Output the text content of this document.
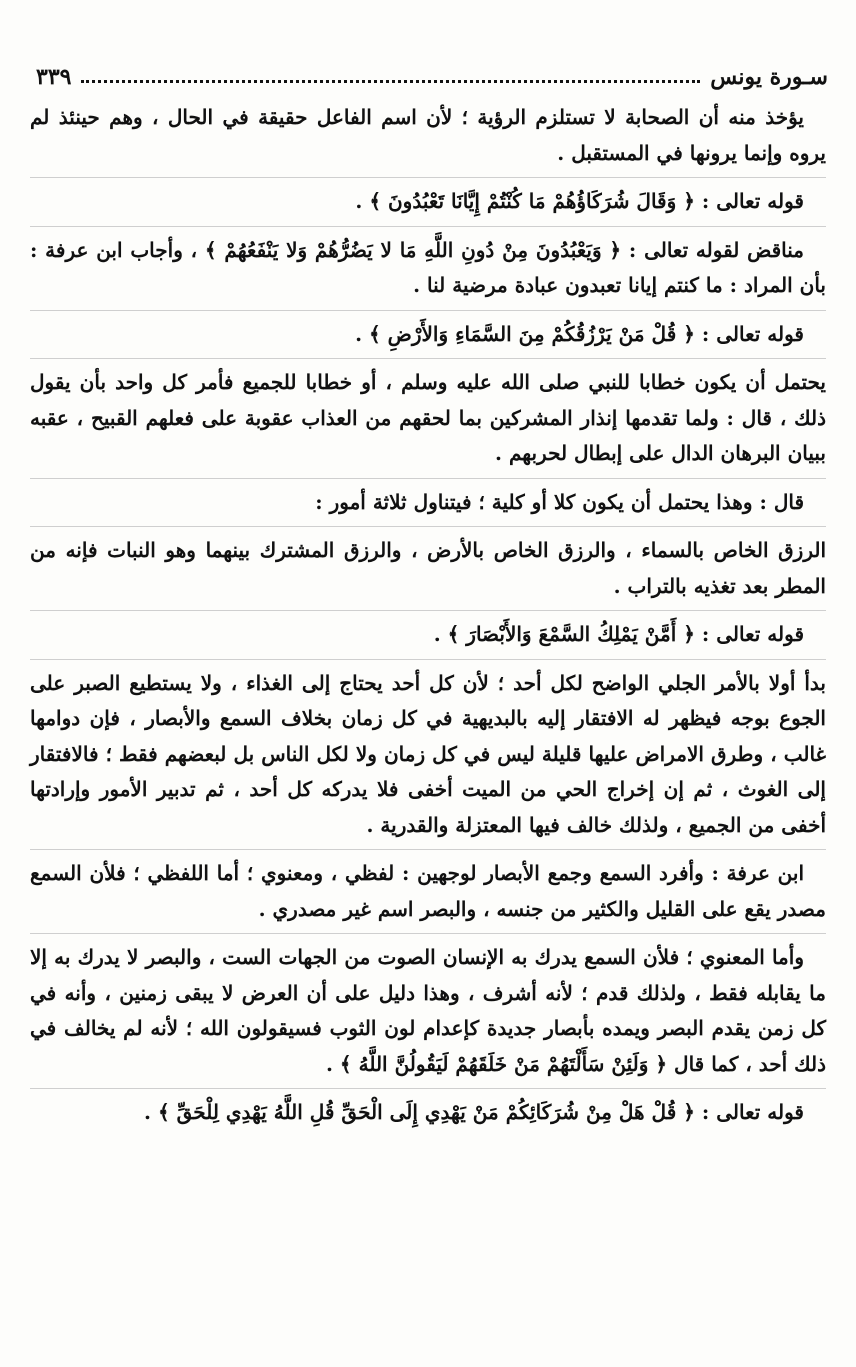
سـورة يونس
٣٣٩

يؤخذ منه أن الصحابة لا تستلزم الرؤية ؛ لأن اسم الفاعل حقيقة في الحال ، وهم حينئذ لم يروه وإنما يرونها في المستقبل .

قوله تعالى : ﴿ وَقَالَ شُرَكَاؤُهُمْ مَا كُنْتُمْ إِيَّانَا تَعْبُدُونَ ﴾ .

مناقض لقوله تعالى : ﴿ وَيَعْبُدُونَ مِنْ دُونِ اللَّهِ مَا لا يَضُرُّهُمْ وَلا يَنْفَعُهُمْ ﴾ ، وأجاب ابن عرفة : بأن المراد : ما كنتم إيانا تعبدون عبادة مرضية لنا .

قوله تعالى : ﴿ قُلْ مَنْ يَرْزُقُكُمْ مِنَ السَّمَاءِ وَالأَرْضِ ﴾ .

يحتمل أن يكون خطابا للنبي صلى الله عليه وسلم ، أو خطابا للجميع فأمر كل واحد بأن يقول ذلك ، قال : ولما تقدمها إنذار المشركين بما لحقهم من العذاب عقوبة على فعلهم القبيح ، عقبه ببيان البرهان الدال على إبطال لحربهم .

قال : وهذا يحتمل أن يكون كلا أو كلية ؛ فيتناول ثلاثة أمور :

الرزق الخاص بالسماء ، والرزق الخاص بالأرض ، والرزق المشترك بينهما وهو النبات فإنه من المطر بعد تغذيه بالتراب .

قوله تعالى : ﴿ أَمَّنْ يَمْلِكُ السَّمْعَ وَالأَبْصَارَ ﴾ .

بدأ أولا بالأمر الجلي الواضح لكل أحد ؛ لأن كل أحد يحتاج إلى الغذاء ، ولا يستطيع الصبر على الجوع بوجه فيظهر له الافتقار إليه بالبديهية في كل زمان بخلاف السمع والأبصار ، فإن دوامها غالب ، وطرق الامراض عليها قليلة ليس في كل زمان ولا لكل الناس بل لبعضهم فقط ؛ فالافتقار إلى الغوث ، ثم إن إخراج الحي من الميت أخفى فلا يدركه كل أحد ، ثم تدبير الأمور وإرادتها أخفى من الجميع ، ولذلك خالف فيها المعتزلة والقدرية .

ابن عرفة : وأفرد السمع وجمع الأبصار لوجهين : لفظي ، ومعنوي ؛ أما اللفظي ؛ فلأن السمع مصدر يقع على القليل والكثير من جنسه ، والبصر اسم غير مصدري .

وأما المعنوي ؛ فلأن السمع يدرك به الإنسان الصوت من الجهات الست ، والبصر لا يدرك به إلا ما يقابله فقط ، ولذلك قدم ؛ لأنه أشرف ، وهذا دليل على أن العرض لا يبقى زمنين ، وأنه في كل زمن يقدم البصر ويمده بأبصار جديدة كإعدام لون الثوب فسيقولون الله ؛ لأنه لم يخالف في ذلك أحد ، كما قال ﴿ وَلَئِنْ سَأَلْتَهُمْ مَنْ خَلَقَهُمْ لَيَقُولُنَّ اللَّهُ ﴾ .

قوله تعالى : ﴿ قُلْ هَلْ مِنْ شُرَكَائِكُمْ مَنْ يَهْدِي إِلَى الْحَقِّ قُلِ اللَّهُ يَهْدِي لِلْحَقِّ ﴾ .
